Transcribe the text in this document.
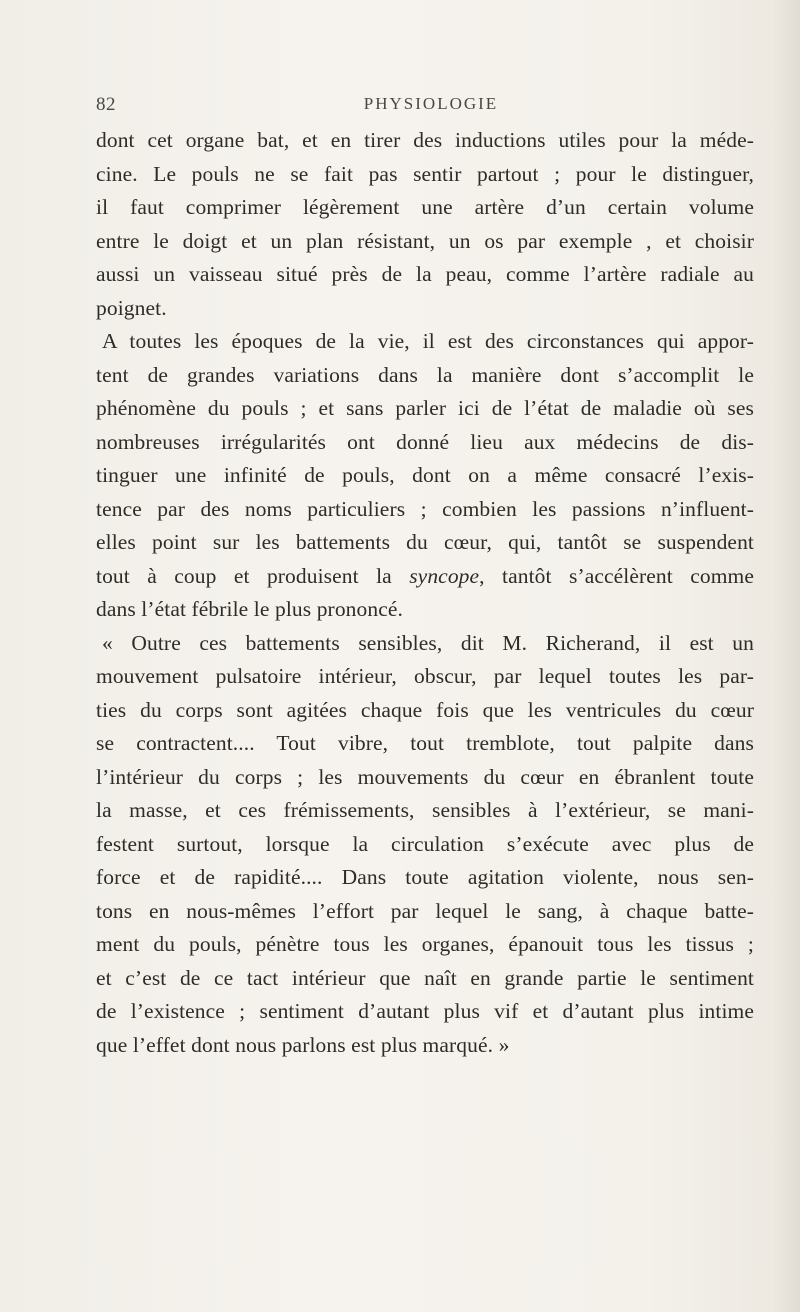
82	PHYSIOLOGIE
dont cet organe bat, et en tirer des inductions utiles pour la méde-
cine. Le pouls ne se fait pas sentir partout ; pour le distinguer,
il faut comprimer légèrement une artère d’un certain volume
entre le doigt et un plan résistant, un os par exemple , et choisir
aussi un vaisseau situé près de la peau, comme l’artère radiale au
poignet.
A toutes les époques de la vie, il est des circonstances qui appor-
tent de grandes variations dans la manière dont s’accomplit le
phénomène du pouls ; et sans parler ici de l’état de maladie où ses
nombreuses irrégularités ont donné lieu aux médecins de dis-
tinguer une infinité de pouls, dont on a même consacré l’exis-
tence par des noms particuliers ; combien les passions n’influent-
elles point sur les battements du cœur, qui, tantôt se suspendent
tout à coup et produisent la syncope, tantôt s’accélèrent comme
dans l’état fébrile le plus prononcé.
« Outre ces battements sensibles, dit M. Richerand, il est un
mouvement pulsatoire intérieur, obscur, par lequel toutes les par-
ties du corps sont agitées chaque fois que les ventricules du cœur
se contractent.... Tout vibre, tout tremblote, tout palpite dans
l’intérieur du corps ; les mouvements du cœur en ébranlent toute
la masse, et ces frémissements, sensibles à l’extérieur, se mani-
festent surtout, lorsque la circulation s’exécute avec plus de
force et de rapidité.... Dans toute agitation violente, nous sen-
tons en nous-mêmes l’effort par lequel le sang, à chaque batte-
ment du pouls, pénètre tous les organes, épanouit tous les tissus ;
et c’est de ce tact intérieur que naît en grande partie le sentiment
de l’existence ; sentiment d’autant plus vif et d’autant plus intime
que l’effet dont nous parlons est plus marqué. »
